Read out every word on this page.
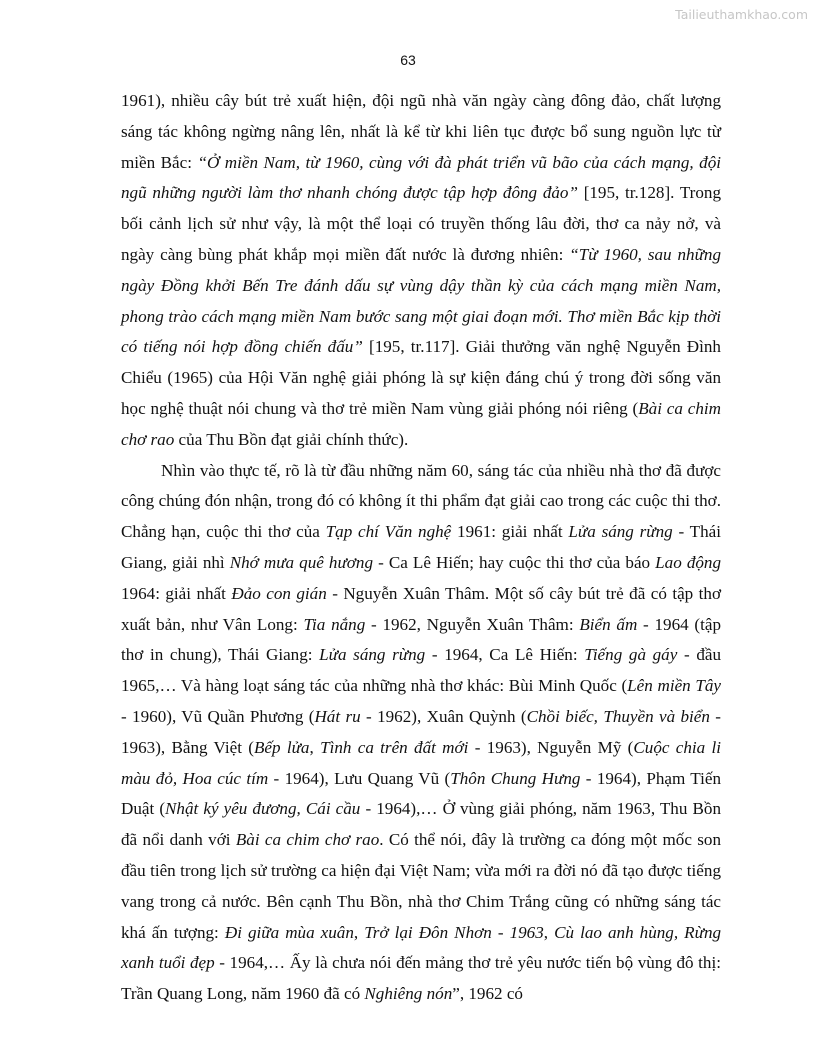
Tailieuthamkhao.com
63

1961), nhiều cây bút trẻ xuất hiện, đội ngũ nhà văn ngày càng đông đảo, chất lượng sáng tác không ngừng nâng lên, nhất là kể từ khi liên tục được bổ sung nguồn lực từ miền Bắc: “Ở miền Nam, từ 1960, cùng với đà phát triển vũ bão của cách mạng, đội ngũ những người làm thơ nhanh chóng được tập hợp đông đảo” [195, tr.128]. Trong bối cảnh lịch sử như vậy, là một thể loại có truyền thống lâu đời, thơ ca nảy nở, và ngày càng bùng phát khắp mọi miền đất nước là đương nhiên: “Từ 1960, sau những ngày Đồng khởi Bến Tre đánh dấu sự vùng dậy thần kỳ của cách mạng miền Nam, phong trào cách mạng miền Nam bước sang một giai đoạn mới. Thơ miền Bắc kịp thời có tiếng nói hợp đồng chiến đấu” [195, tr.117]. Giải thưởng văn nghệ Nguyễn Đình Chiểu (1965) của Hội Văn nghệ giải phóng là sự kiện đáng chú ý trong đời sống văn học nghệ thuật nói chung và thơ trẻ miền Nam vùng giải phóng nói riêng (Bài ca chim chơ rao của Thu Bồn đạt giải chính thức).

Nhìn vào thực tế, rõ là từ đầu những năm 60, sáng tác của nhiều nhà thơ đã được công chúng đón nhận, trong đó có không ít thi phẩm đạt giải cao trong các cuộc thi thơ. Chẳng hạn, cuộc thi thơ của Tạp chí Văn nghệ 1961: giải nhất Lửa sáng rừng - Thái Giang, giải nhì Nhớ mưa quê hương - Ca Lê Hiến; hay cuộc thi thơ của báo Lao động 1964: giải nhất Đảo con gián - Nguyễn Xuân Thâm. Một số cây bút trẻ đã có tập thơ xuất bản, như Vân Long: Tia nắng - 1962, Nguyễn Xuân Thâm: Biển ấm - 1964 (tập thơ in chung), Thái Giang: Lửa sáng rừng - 1964, Ca Lê Hiến: Tiếng gà gáy - đầu 1965,… Và hàng loạt sáng tác của những nhà thơ khác: Bùi Minh Quốc (Lên miền Tây - 1960), Vũ Quần Phương (Hát ru - 1962), Xuân Quỳnh (Chồi biếc, Thuyền và biển - 1963), Bằng Việt (Bếp lửa, Tình ca trên đất mới - 1963), Nguyễn Mỹ (Cuộc chia li màu đỏ, Hoa cúc tím - 1964), Lưu Quang Vũ (Thôn Chung Hưng - 1964), Phạm Tiến Duật (Nhật ký yêu đương, Cái cầu - 1964),… Ở vùng giải phóng, năm 1963, Thu Bồn đã nổi danh với Bài ca chim chơ rao. Có thể nói, đây là trường ca đóng một mốc son đầu tiên trong lịch sử trường ca hiện đại Việt Nam; vừa mới ra đời nó đã tạo được tiếng vang trong cả nước. Bên cạnh Thu Bồn, nhà thơ Chim Trắng cũng có những sáng tác khá ấn tượng: Đi giữa mùa xuân, Trở lại Đôn Nhơn - 1963, Cù lao anh hùng, Rừng xanh tuổi đẹp - 1964,… Ấy là chưa nói đến mảng thơ trẻ yêu nước tiến bộ vùng đô thị: Trần Quang Long, năm 1960 đã có Nghiêng nón”, 1962 có
